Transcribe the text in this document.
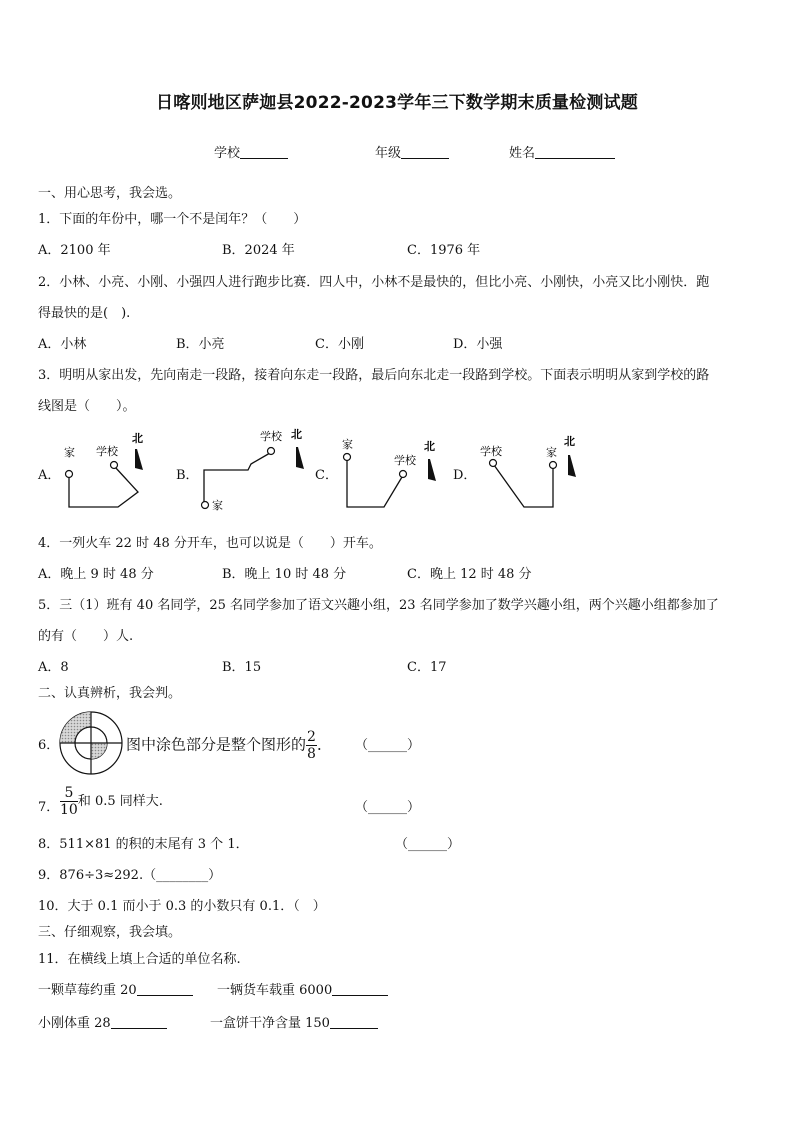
日喀则地区萨迦县2022-2023学年三下数学期末质量检测试题
学校	年级	姓名
一、用心思考，我会选。
1．下面的年份中，哪一个不是闰年？（　　）
A．2100 年	B．2024 年	C．1976 年
2．小林、小亮、小刚、小强四人进行跑步比赛．四人中，小林不是最快的，但比小亮、小刚快，小亮又比小刚快．跑
得最快的是(　).
A．小林	B．小亮	C．小刚	D．小强
3．明明从家出发，先向南走一段路，接着向东走一段路，最后向东北走一段路到学校。下面表示明明从家到学校的路
线图是（　　）。
A．	B．	C．	D．
家 学校
北
家
学校 北
家
学校
北	学校	家
北
4．一列火车 22 时 48 分开车，也可以说是（　　）开车。
A．晚上 9 时 48 分	B．晚上 10 时 48 分	C．晚上 12 时 48 分
5．三（1）班有 40 名同学，25 名同学参加了语文兴趣小组，23 名同学参加了数学兴趣小组，两个兴趣小组都参加了
的有（　　）人.
A．8	B．15	C．17
二、认真辨析，我会判。
6．	图中涂色部分是整个图形的 $\frac{2}{8}$ ． （______）
7． $\frac{5}{10}$ 和 0.5 同样大.	（______）
8．511×81 的积的末尾有 3 个 1．	（______）
9．876÷3≈292.（________）
10．大于 0.1 而小于 0.3 的小数只有 0.1．（　）
三、仔细观察，我会填。
11．在横线上填上合适的单位名称.
一颗草莓约重 20	一辆货车载重 6000
小刚体重 28	一盒饼干净含量 150
